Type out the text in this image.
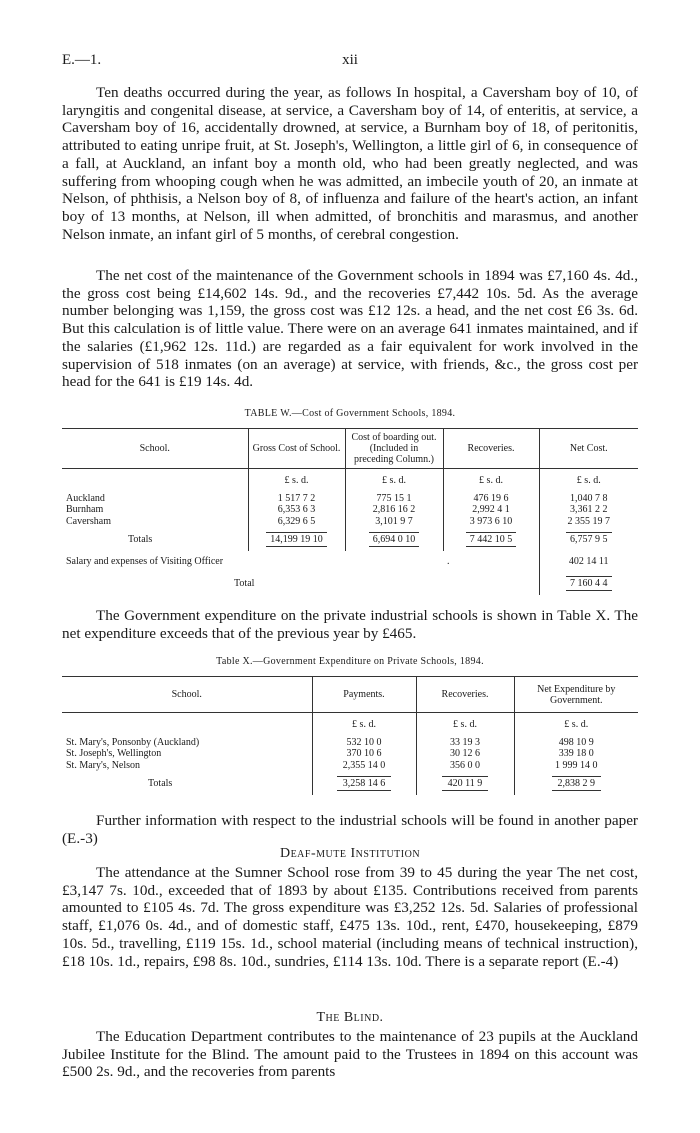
E.—1.	xii

Ten deaths occurred during the year, as follows In hospital, a Caversham boy of 10, of laryngitis and congenital disease, at service, a Caversham boy of 14, of enteritis, at service, a Caversham boy of 16, accidentally drowned, at service, a Burnham boy of 18, of peritonitis, attributed to eating unripe fruit, at St. Joseph's, Wellington, a little girl of 6, in consequence of a fall, at Auckland, an infant boy a month old, who had been greatly neglected, and was suffering from whooping cough when he was admitted, an imbecile youth of 20, an inmate at Nelson, of phthisis, a Nelson boy of 8, of influenza and failure of the heart's action, an infant boy of 13 months, at Nelson, ill when admitted, of bronchitis and marasmus, and another Nelson inmate, an infant girl of 5 months, of cerebral congestion.

The net cost of the maintenance of the Government schools in 1894 was £7,160 4s. 4d., the gross cost being £14,602 14s. 9d., and the recoveries £7,442 10s. 5d. As the average number belonging was 1,159, the gross cost was £12 12s. a head, and the net cost £6 3s. 6d. But this calculation is of little value. There were on an average 641 inmates maintained, and if the salaries (£1,962 12s. 11d.) are regarded as a fair equivalent for work involved in the supervision of 518 inmates (on an average) at service, with friends, &c., the gross cost per head for the 641 is £19 14s. 4d.

TABLE W.—Cost of Government Schools, 1894.
School.	Gross Cost of School.	Cost of boarding out. (Included in preceding Column.)	Recoveries.	Net Cost.
	£ s. d.	£ s. d.	£ s. d.	£ s. d.
Auckland	1 517 7 2	775 15 1	476 19 6	1,040 7 8
Burnham	6,353 6 3	2,816 16 2	2,992 4 1	3,361 2 2
Caversham	6,329 6 5	3,101 9 7	3 973 6 10	2 355 19 7
Totals	14,199 19 10	6,694 0 10	7 442 10 5	6,757 9 5
Salary and expenses of Visiting Officer			.	402 14 11
Total				7 160 4 4

The Government expenditure on the private industrial schools is shown in Table X. The net expenditure exceeds that of the previous year by £465.

Table X.—Government Expenditure on Private Schools, 1894.
School.	Payments.	Recoveries.	Net Expenditure by Government.
	£ s. d.	£ s. d.	£ s. d.
St. Mary's, Ponsonby (Auckland)	532 10 0	33 19 3	498 10 9
St. Joseph's, Wellington	370 10 6	30 12 6	339 18 0
St. Mary's, Nelson	2,355 14 0	356 0 0	1 999 14 0
Totals	3,258 14 6	420 11 9	2,838 2 9

Further information with respect to the industrial schools will be found in another paper (E.-3)

Deaf-mute Institution

The attendance at the Sumner School rose from 39 to 45 during the year The net cost, £3,147 7s. 10d., exceeded that of 1893 by about £135. Contributions received from parents amounted to £105 4s. 7d. The gross expenditure was £3,252 12s. 5d. Salaries of professional staff, £1,076 0s. 4d., and of domestic staff, £475 13s. 10d., rent, £470, housekeeping, £879 10s. 5d., travelling, £119 15s. 1d., school material (including means of technical instruction), £18 10s. 1d., repairs, £98 8s. 10d., sundries, £114 13s. 10d. There is a separate report (E.-4)

The Blind.

The Education Department contributes to the maintenance of 23 pupils at the Auckland Jubilee Institute for the Blind. The amount paid to the Trustees in 1894 on this account was £500 2s. 9d., and the recoveries from parents
